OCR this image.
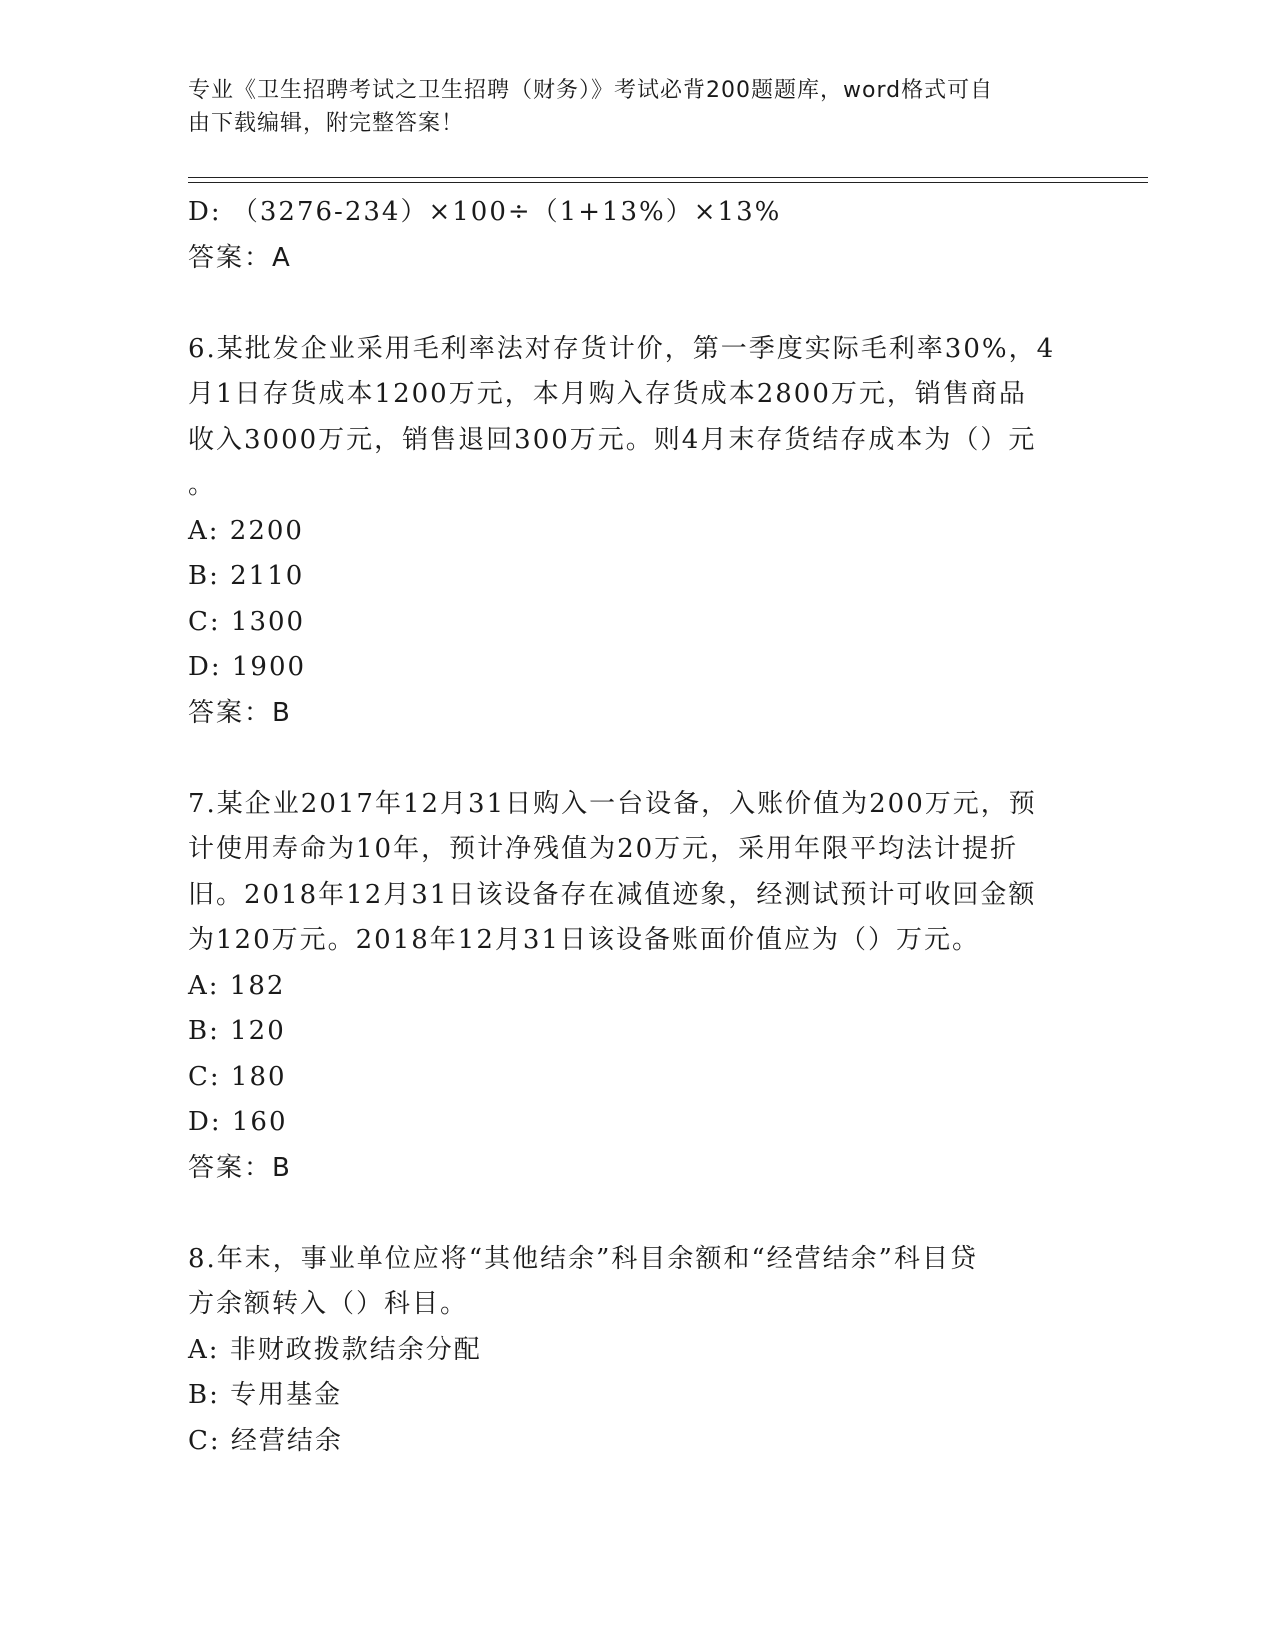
专业《卫生招聘考试之卫生招聘（财务）》考试必背200题题库，word格式可自
由下载编辑，附完整答案！
D: （3276-234）×100÷（1+13%）×13%
答案：A
6.某批发企业采用毛利率法对存货计价，第一季度实际毛利率30%，4
月1日存货成本1200万元，本月购入存货成本2800万元，销售商品
收入3000万元，销售退回300万元。则4月末存货结存成本为（）元
。
A: 2200
B: 2110
C: 1300
D: 1900
答案：B
7.某企业2017年12月31日购入一台设备，入账价值为200万元，预
计使用寿命为10年，预计净残值为20万元，采用年限平均法计提折
旧。2018年12月31日该设备存在减值迹象，经测试预计可收回金额
为120万元。2018年12月31日该设备账面价值应为（）万元。
A: 182
B: 120
C: 180
D: 160
答案：B
8.年末，事业单位应将“其他结余”科目余额和“经营结余”科目贷
方余额转入（）科目。
A: 非财政拨款结余分配
B: 专用基金
C: 经营结余
